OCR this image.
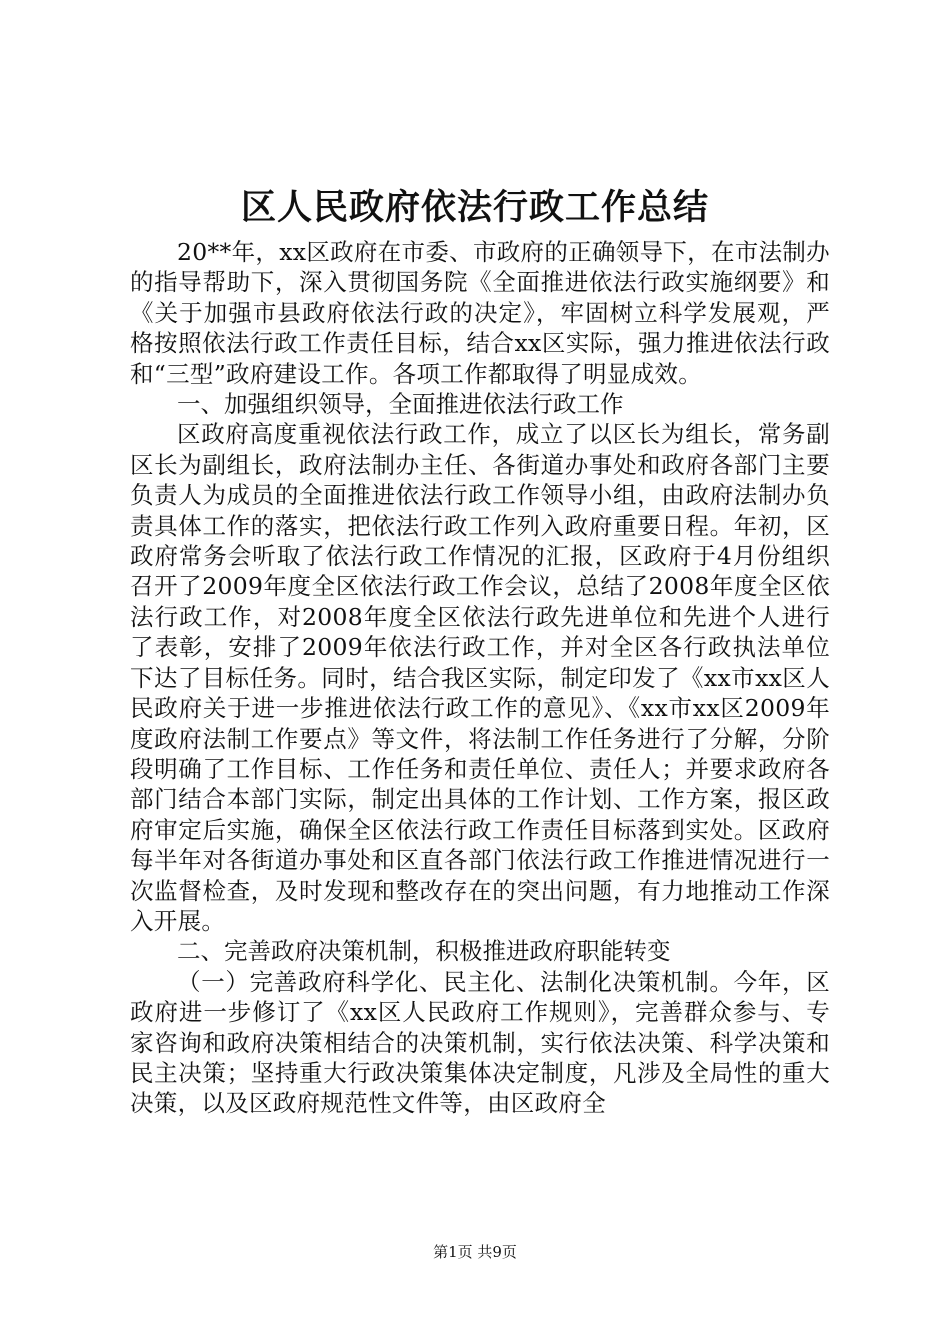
区人民政府依法行政工作总结

20**年，xx区政府在市委、市政府的正确领导下，在市法制办的指导帮助下，深入贯彻国务院《全面推进依法行政实施纲要》和《关于加强市县政府依法行政的决定》，牢固树立科学发展观，严格按照依法行政工作责任目标，结合xx区实际，强力推进依法行政和“三型”政府建设工作。各项工作都取得了明显成效。

一、加强组织领导，全面推进依法行政工作

区政府高度重视依法行政工作，成立了以区长为组长，常务副区长为副组长，政府法制办主任、各街道办事处和政府各部门主要负责人为成员的全面推进依法行政工作领导小组，由政府法制办负责具体工作的落实，把依法行政工作列入政府重要日程。年初，区政府常务会听取了依法行政工作情况的汇报，区政府于4月份组织召开了2009年度全区依法行政工作会议，总结了2008年度全区依法行政工作，对2008年度全区依法行政先进单位和先进个人进行了表彰，安排了2009年依法行政工作，并对全区各行政执法单位下达了目标任务。同时，结合我区实际，制定印发了《xx市xx区人民政府关于进一步推进依法行政工作的意见》、《xx市xx区2009年度政府法制工作要点》等文件，将法制工作任务进行了分解，分阶段明确了工作目标、工作任务和责任单位、责任人；并要求政府各部门结合本部门实际，制定出具体的工作计划、工作方案，报区政府审定后实施，确保全区依法行政工作责任目标落到实处。区政府每半年对各街道办事处和区直各部门依法行政工作推进情况进行一次监督检查，及时发现和整改存在的突出问题，有力地推动工作深入开展。

二、完善政府决策机制，积极推进政府职能转变

（一）完善政府科学化、民主化、法制化决策机制。今年，区政府进一步修订了《xx区人民政府工作规则》，完善群众参与、专家咨询和政府决策相结合的决策机制，实行依法决策、科学决策和民主决策；坚持重大行政决策集体决定制度，凡涉及全局性的重大决策，以及区政府规范性文件等，由区政府全

第1页 共9页
